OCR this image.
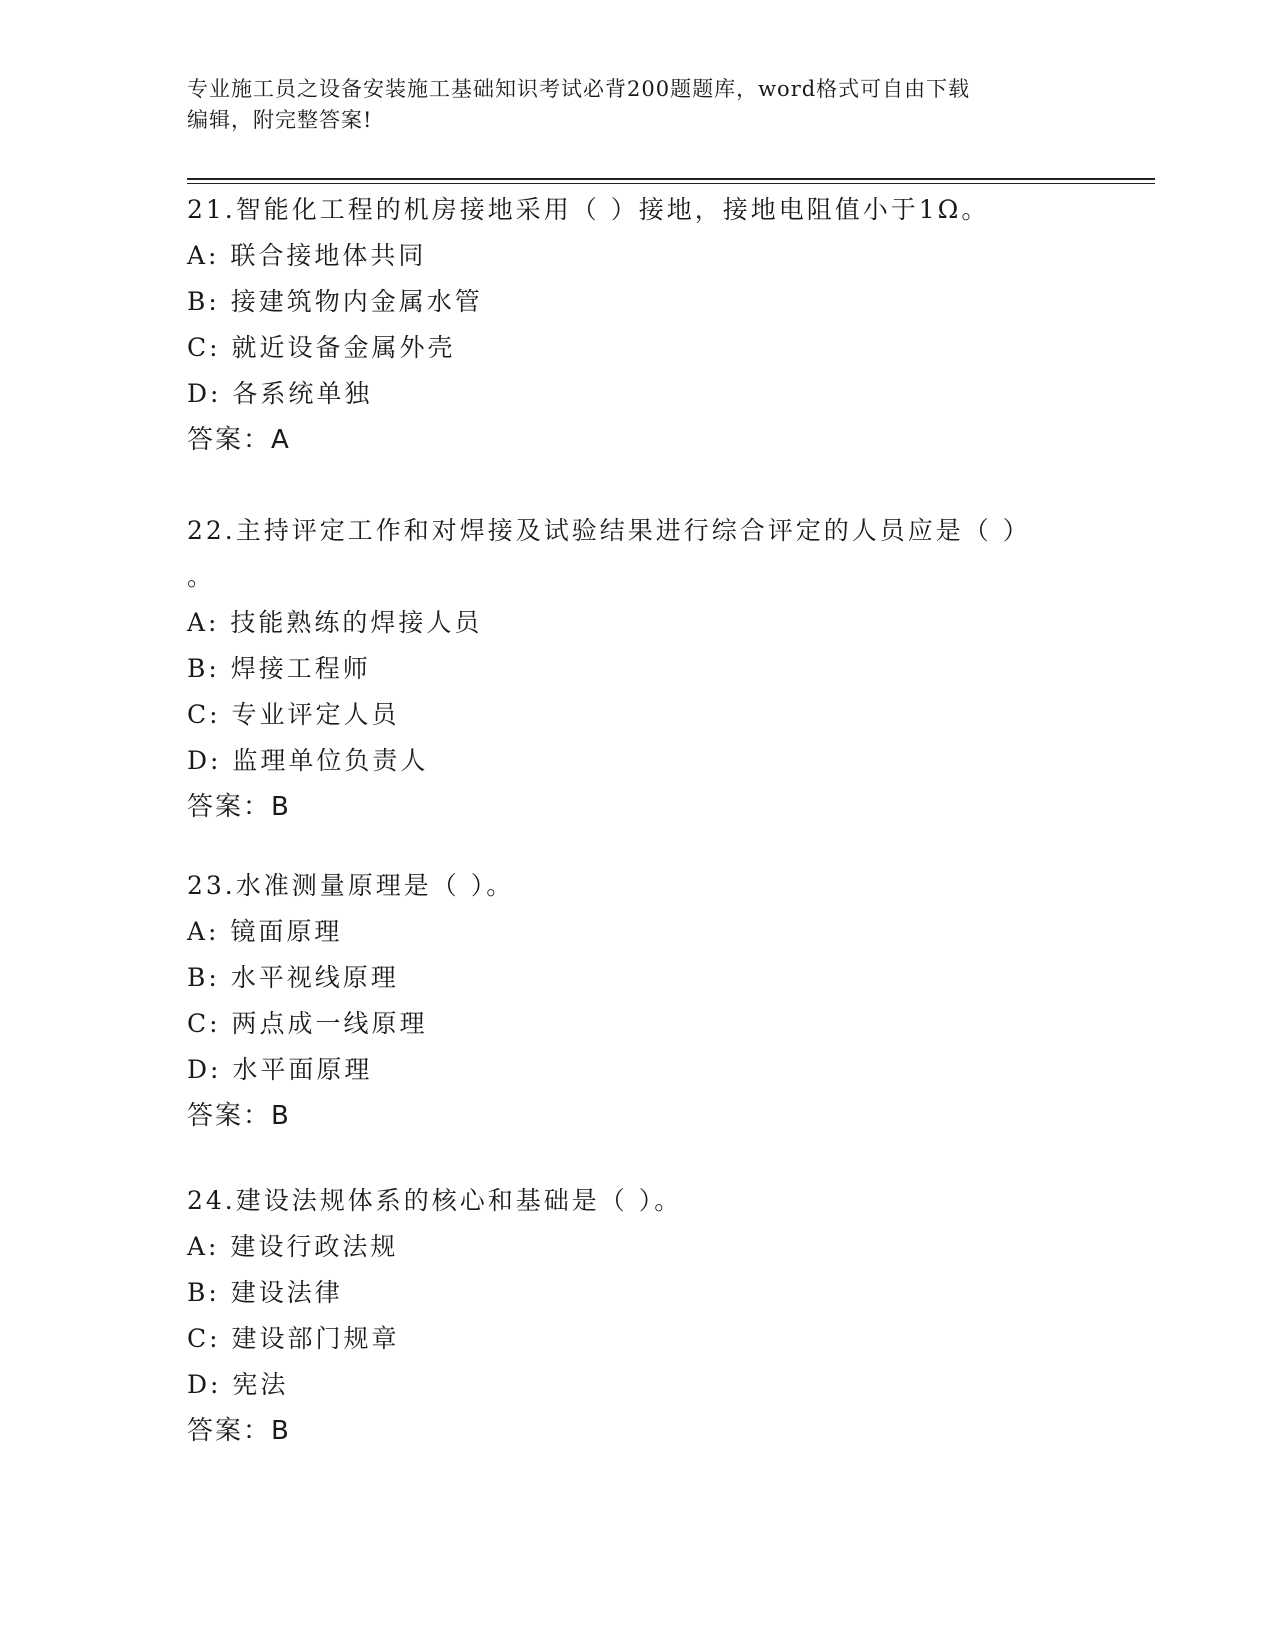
专业施工员之设备安装施工基础知识考试必背200题题库，word格式可自由下载
编辑，附完整答案!
21.智能化工程的机房接地采用（ ）接地，接地电阻值小于1Ω。
A: 联合接地体共同
B: 接建筑物内金属水管
C: 就近设备金属外壳
D: 各系统单独
答案：A
22.主持评定工作和对焊接及试验结果进行综合评定的人员应是（ ）
。
A: 技能熟练的焊接人员
B: 焊接工程师
C: 专业评定人员
D: 监理单位负责人
答案：B
23.水准测量原理是（ ）。
A: 镜面原理
B: 水平视线原理
C: 两点成一线原理
D: 水平面原理
答案：B
24.建设法规体系的核心和基础是（ ）。
A: 建设行政法规
B: 建设法律
C: 建设部门规章
D: 宪法
答案：B
